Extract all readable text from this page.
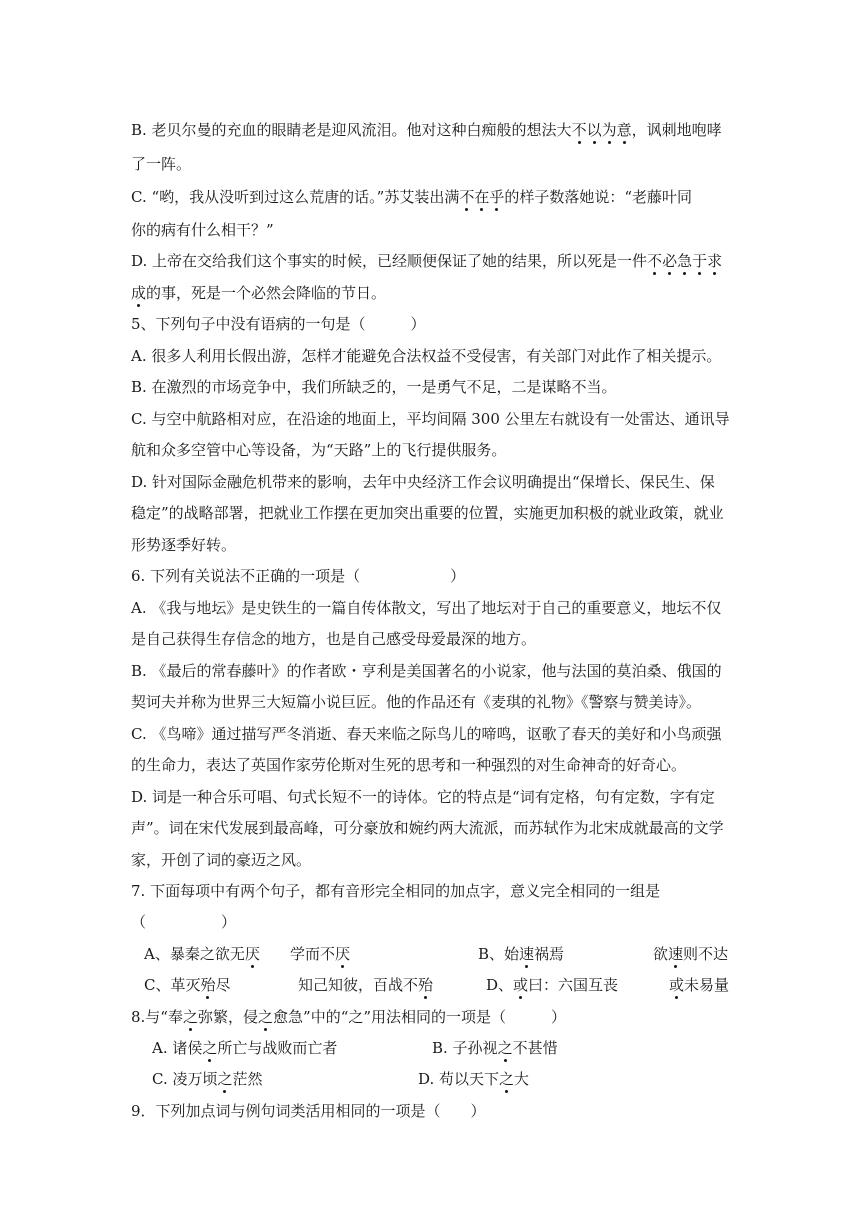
B. 老贝尔曼的充血的眼睛老是迎风流泪。他对这种白痴般的想法大不以为意，讽刺地咆哮
了一阵。
C. “哟，我从没听到过这么荒唐的话。”苏艾装出满不在乎的样子数落她说：“老藤叶同
你的病有什么相干？”
D. 上帝在交给我们这个事实的时候，已经顺便保证了她的结果，所以死是一件不必急于求
成的事，死是一个必然会降临的节日。
5、下列句子中没有语病的一句是（　　　）
A. 很多人利用长假出游，怎样才能避免合法权益不受侵害，有关部门对此作了相关提示。
B. 在激烈的市场竞争中，我们所缺乏的，一是勇气不足，二是谋略不当。
C. 与空中航路相对应，在沿途的地面上，平均间隔 300 公里左右就设有一处雷达、通讯导
航和众多空管中心等设备，为“天路”上的飞行提供服务。
D. 针对国际金融危机带来的影响，去年中央经济工作会议明确提出“保增长、保民生、保
稳定”的战略部署，把就业工作摆在更加突出重要的位置，实施更加积极的就业政策，就业
形势逐季好转。
6. 下列有关说法不正确的一项是（　　　　　　）
A. 《我与地坛》是史铁生的一篇自传体散文，写出了地坛对于自己的重要意义，地坛不仅
是自己获得生存信念的地方，也是自己感受母爱最深的地方。
B. 《最后的常春藤叶》的作者欧・亨利是美国著名的小说家，他与法国的莫泊桑、俄国的
契诃夫并称为世界三大短篇小说巨匠。他的作品还有《麦琪的礼物》《警察与赞美诗》。
C. 《鸟啼》通过描写严冬消逝、春天来临之际鸟儿的啼鸣，讴歌了春天的美好和小鸟顽强
的生命力，表达了英国作家劳伦斯对生死的思考和一种强烈的对生命神奇的好奇心。
D. 词是一种合乐可唱、句式长短不一的诗体。它的特点是“词有定格，句有定数，字有定
声”。词在宋代发展到最高峰，可分豪放和婉约两大流派，而苏轼作为北宋成就最高的文学
家，开创了词的豪迈之风。
7. 下面每项中有两个句子，都有音形完全相同的加点字，意义完全相同的一组是
（　　　　　）
A、暴秦之欲无厌 学而不厌	B、始速祸焉	欲速则不达
C、革灭殆尽	知己知彼，百战不殆	D、或曰：六国互丧	或未易量
8.与“奉之弥繁，侵之愈急”中的“之”用法相同的一项是（　　　）
A. 诸侯之所亡与战败而亡者	B. 子孙视之不甚惜
C. 凌万顷之茫然	D. 苟以天下之大
9．下列加点词与例句词类活用相同的一项是（　　）
